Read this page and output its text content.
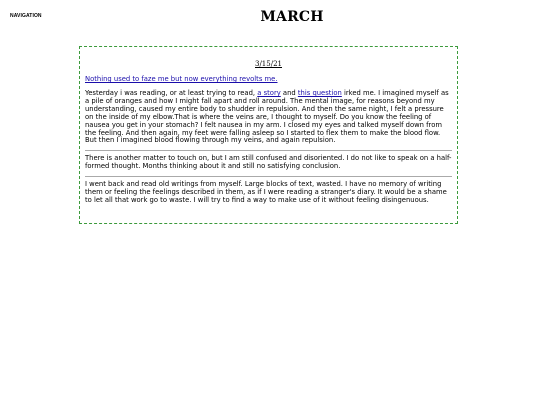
NAVIGATION	MARCH
3/15/21
Nothing used to faze me but now everything revolts me.

Yesterday i was reading, or at least trying to read, a story and this question irked me. I imagined myself as a pile of oranges and how I might fall apart and roll around. The mental image, for reasons beyond my understanding, caused my entire body to shudder in repulsion. And then the same night, I felt a pressure on the inside of my elbow.That is where the veins are, I thought to myself. Do you know the feeling of nausea you get in your stomach? I felt nausea in my arm. I closed my eyes and talked myself down from the feeling. And then again, my feet were falling asleep so I started to flex them to make the blood flow. But then I imagined blood flowing through my veins, and again repulsion.

There is another matter to touch on, but I am still confused and disoriented. I do not like to speak on a half-formed thought. Months thinking about it and still no satisfying conclusion.

I went back and read old writings from myself. Large blocks of text, wasted. I have no memory of writing them or feeling the feelings described in them, as if I were reading a stranger's diary. It would be a shame to let all that work go to waste. I will try to find a way to make use of it without feeling disingenuous.
